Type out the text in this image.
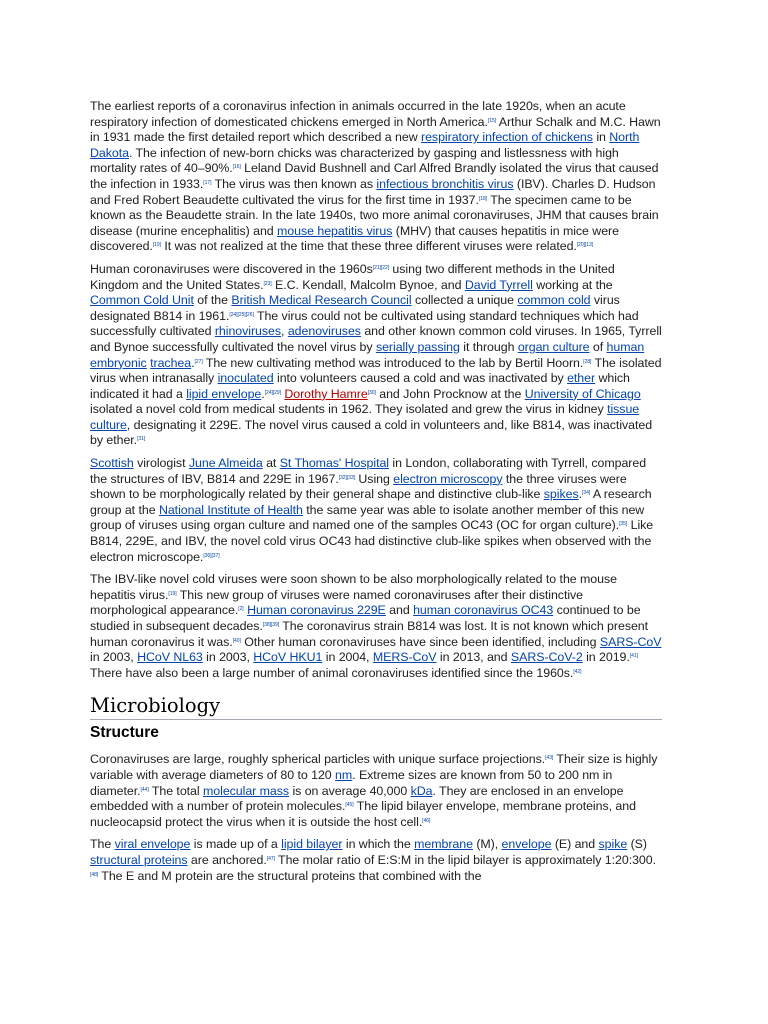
The earliest reports of a coronavirus infection in animals occurred in the late 1920s, when an acute respiratory infection of domesticated chickens emerged in North America.[15] Arthur Schalk and M.C. Hawn in 1931 made the first detailed report which described a new respiratory infection of chickens in North Dakota. The infection of new-born chicks was characterized by gasping and listlessness with high mortality rates of 40–90%.[16] Leland David Bushnell and Carl Alfred Brandly isolated the virus that caused the infection in 1933.[17] The virus was then known as infectious bronchitis virus (IBV). Charles D. Hudson and Fred Robert Beaudette cultivated the virus for the first time in 1937.[18] The specimen came to be known as the Beaudette strain. In the late 1940s, two more animal coronaviruses, JHM that causes brain disease (murine encephalitis) and mouse hepatitis virus (MHV) that causes hepatitis in mice were discovered.[19] It was not realized at the time that these three different viruses were related.[20][13]

Human coronaviruses were discovered in the 1960s[21][22] using two different methods in the United Kingdom and the United States.[23] E.C. Kendall, Malcolm Bynoe, and David Tyrrell working at the Common Cold Unit of the British Medical Research Council collected a unique common cold virus designated B814 in 1961.[24][25][26] The virus could not be cultivated using standard techniques which had successfully cultivated rhinoviruses, adenoviruses and other known common cold viruses. In 1965, Tyrrell and Bynoe successfully cultivated the novel virus by serially passing it through organ culture of human embryonic trachea.[27] The new cultivating method was introduced to the lab by Bertil Hoorn.[28] The isolated virus when intranasally inoculated into volunteers caused a cold and was inactivated by ether which indicated it had a lipid envelope.[24][29] Dorothy Hamre[30] and John Procknow at the University of Chicago isolated a novel cold from medical students in 1962. They isolated and grew the virus in kidney tissue culture, designating it 229E. The novel virus caused a cold in volunteers and, like B814, was inactivated by ether.[31]

Scottish virologist June Almeida at St Thomas' Hospital in London, collaborating with Tyrrell, compared the structures of IBV, B814 and 229E in 1967.[32][33] Using electron microscopy the three viruses were shown to be morphologically related by their general shape and distinctive club-like spikes.[34] A research group at the National Institute of Health the same year was able to isolate another member of this new group of viruses using organ culture and named one of the samples OC43 (OC for organ culture).[35] Like B814, 229E, and IBV, the novel cold virus OC43 had distinctive club-like spikes when observed with the electron microscope.[36][37]

The IBV-like novel cold viruses were soon shown to be also morphologically related to the mouse hepatitis virus.[19] This new group of viruses were named coronaviruses after their distinctive morphological appearance.[2] Human coronavirus 229E and human coronavirus OC43 continued to be studied in subsequent decades.[38][39] The coronavirus strain B814 was lost. It is not known which present human coronavirus it was.[40] Other human coronaviruses have since been identified, including SARS-CoV in 2003, HCoV NL63 in 2003, HCoV HKU1 in 2004, MERS-CoV in 2013, and SARS-CoV-2 in 2019.[41] There have also been a large number of animal coronaviruses identified since the 1960s.[42]

Microbiology
Structure

Coronaviruses are large, roughly spherical particles with unique surface projections.[43] Their size is highly variable with average diameters of 80 to 120 nm. Extreme sizes are known from 50 to 200 nm in diameter.[44] The total molecular mass is on average 40,000 kDa. They are enclosed in an envelope embedded with a number of protein molecules.[45] The lipid bilayer envelope, membrane proteins, and nucleocapsid protect the virus when it is outside the host cell.[46]

The viral envelope is made up of a lipid bilayer in which the membrane (M), envelope (E) and spike (S) structural proteins are anchored.[47] The molar ratio of E:S:M in the lipid bilayer is approximately 1:20:300.[48] The E and M protein are the structural proteins that combined with the
